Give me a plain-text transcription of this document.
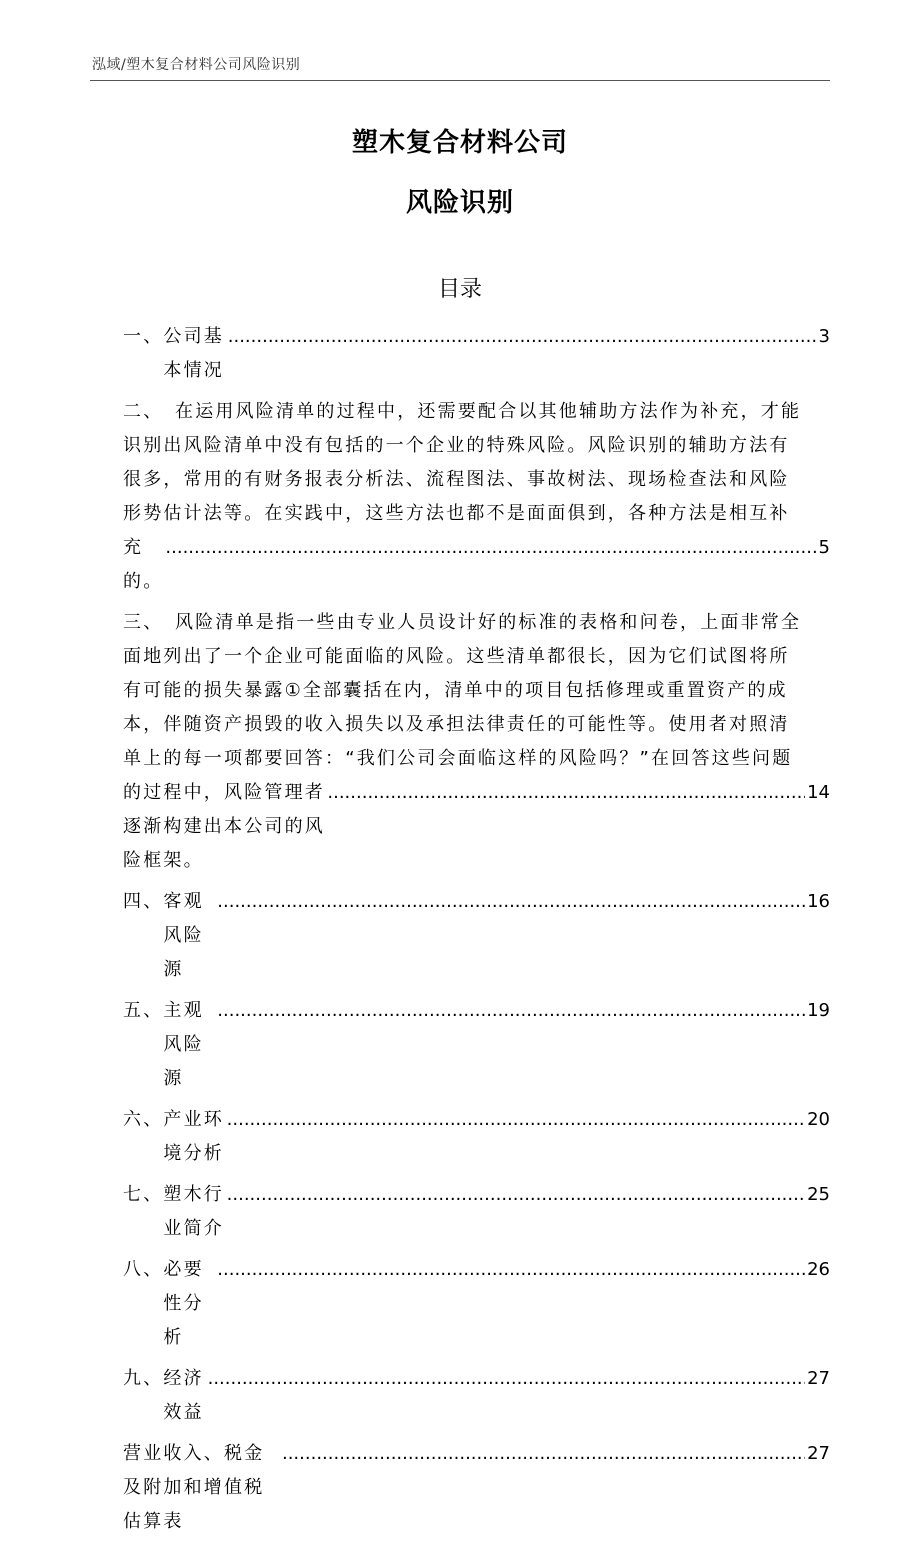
泓域/塑木复合材料公司风险识别
塑木复合材料公司
风险识别
目录
一、 公司基本情况
.....
3
二、 在运用风险清单的过程中，还需要配合以其他辅助方法作为补充，才能
识别出风险清单中没有包括的一个企业的特殊风险。风险识别的辅助方法有
很多，常用的有财务报表分析法、流程图法、事故树法、现场检查法和风险
形势估计法等。在实践中，这些方法也都不是面面俱到，各种方法是相互补
充的。
.....
5
三、 风险清单是指一些由专业人员设计好的标准的表格和问卷，上面非常全
面地列出了一个企业可能面临的风险。这些清单都很长，因为它们试图将所
有可能的损失暴露①全部囊括在内，清单中的项目包括修理或重置资产的成
本，伴随资产损毁的收入损失以及承担法律责任的可能性等。使用者对照清
单上的每一项都要回答：“我们公司会面临这样的风险吗？”在回答这些问题
的过程中，风险管理者逐渐构建出本公司的风险框架。
.....
14
四、 客观风险源
.....
16
五、 主观风险源
.....
19
六、 产业环境分析
.....
20
七、 塑木行业简介
.....
25
八、 必要性分析
.....
26
九、 经济效益
.....
27
营业收入、税金及附加和增值税估算表
.....
27
